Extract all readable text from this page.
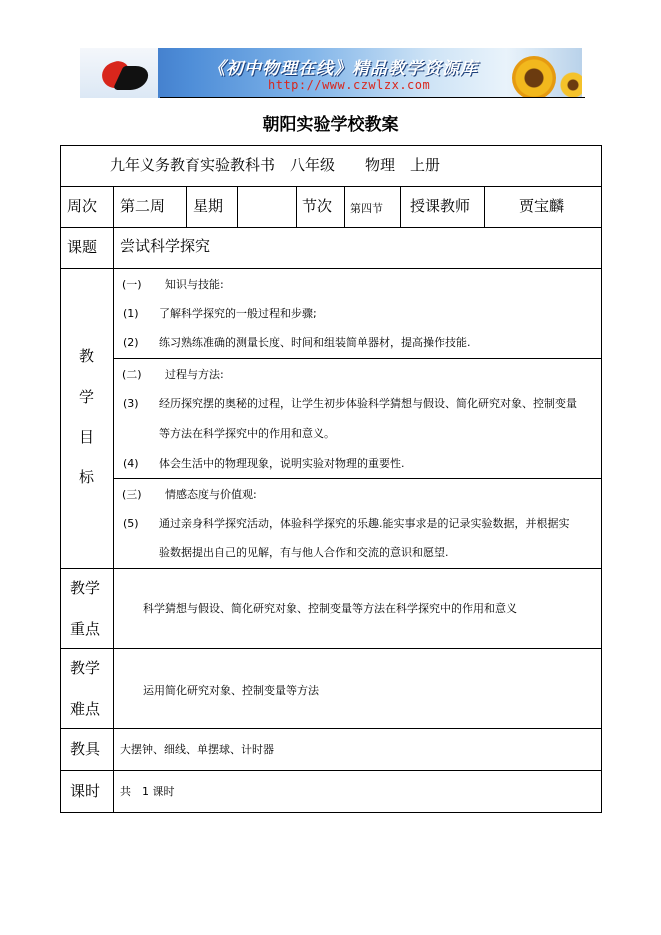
《初中物理在线》精品教学资源库
http://www.czwlzx.com
朝阳实验学校教案
九年义务教育实验教科书　八年级　　物理　上册
周次 第二周 星期	节次 第四节 授课教师	贾宝麟
课题 尝试科学探究
教
学
目
标
(一) 知识与技能:
(1) 了解科学探究的一般过程和步骤;
(2) 练习熟练准确的测量长度、时间和组装简单器材，提高操作技能.
(二) 过程与方法:
(3) 经历探究摆的奥秘的过程，让学生初步体验科学猜想与假设、简化研究对象、控制变量
等方法在科学探究中的作用和意义。
(4) 体会生活中的物理现象，说明实验对物理的重要性.
(三) 情感态度与价值观:
(5) 通过亲身科学探究活动，体验科学探究的乐趣.能实事求是的记录实验数据，并根据实
验数据提出自己的见解，有与他人合作和交流的意识和愿望.
教学
重点
科学猜想与假设、简化研究对象、控制变量等方法在科学探究中的作用和意义
教学
难点
运用简化研究对象、控制变量等方法
教具 大摆钟、细线、单摆球、计时器
课时 共　1 课时
